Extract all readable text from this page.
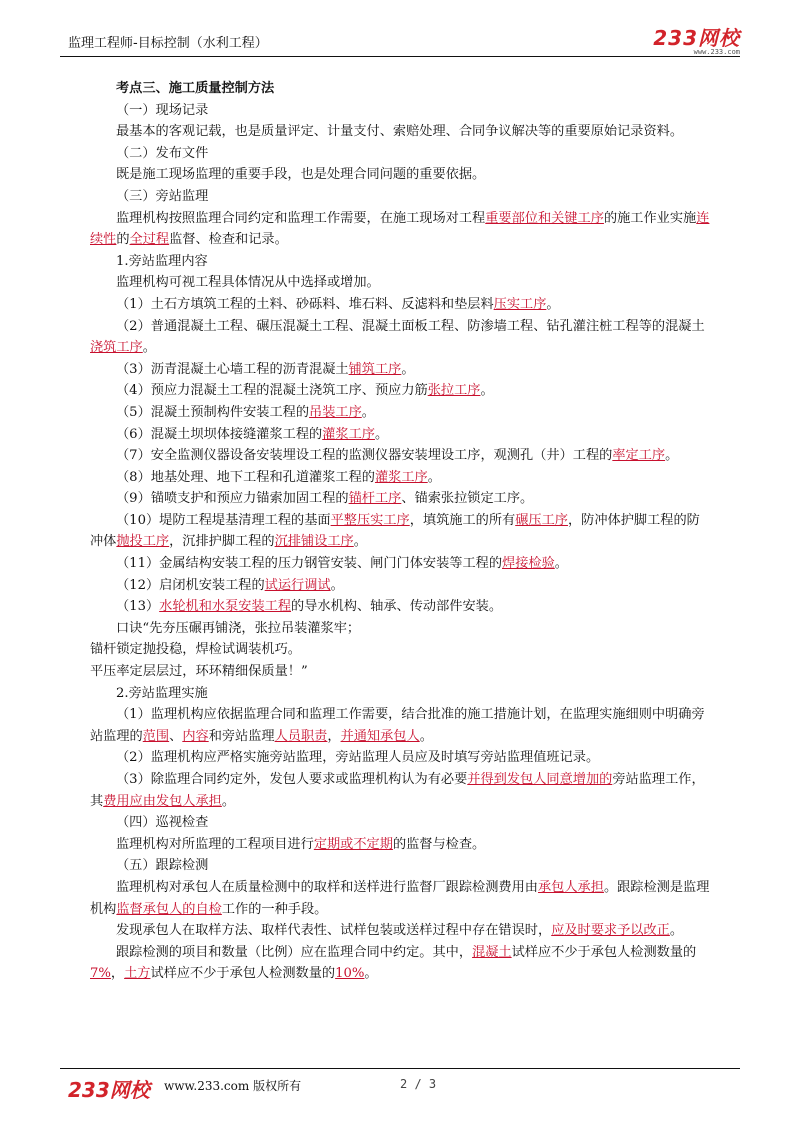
监理工程师-目标控制（水利工程）	233网校
www.233.com

考点三、施工质量控制方法

（一）现场记录

最基本的客观记载，也是质量评定、计量支付、索赔处理、合同争议解决等的重要原始记录资料。

（二）发布文件

既是施工现场监理的重要手段，也是处理合同问题的重要依据。

（三）旁站监理

监理机构按照监理合同约定和监理工作需要，在施工现场对工程重要部位和关键工序的施工作业实施连续性的全过程监督、检查和记录。

1.旁站监理内容

监理机构可视工程具体情况从中选择或增加。

（1）土石方填筑工程的土料、砂砾料、堆石料、反滤料和垫层料压实工序。

（2）普通混凝土工程、碾压混凝土工程、混凝土面板工程、防渗墙工程、钻孔灌注桩工程等的混凝土浇筑工序。

（3）沥青混凝土心墙工程的沥青混凝土铺筑工序。

（4）预应力混凝土工程的混凝土浇筑工序、预应力筋张拉工序。

（5）混凝土预制构件安装工程的吊装工序。

（6）混凝土坝坝体接缝灌浆工程的灌浆工序。

（7）安全监测仪器设备安装埋设工程的监测仪器安装埋设工序，观测孔（井）工程的率定工序。

（8）地基处理、地下工程和孔道灌浆工程的灌浆工序。

（9）锚喷支护和预应力锚索加固工程的锚杆工序、锚索张拉锁定工序。

（10）堤防工程堤基清理工程的基面平整压实工序，填筑施工的所有碾压工序，防冲体护脚工程的防冲体抛投工序，沉排护脚工程的沉排铺设工序。

（11）金属结构安装工程的压力钢管安装、闸门门体安装等工程的焊接检验。

（12）启闭机安装工程的试运行调试。

（13）水轮机和水泵安装工程的导水机构、轴承、传动部件安装。

口诀“先夯压碾再铺浇，张拉吊装灌浆牢；

锚杆锁定抛投稳，焊检试调装机巧。

平压率定层层过，环环精细保质量！”

2.旁站监理实施

（1）监理机构应依据监理合同和监理工作需要，结合批准的施工措施计划，在监理实施细则中明确旁站监理的范围、内容和旁站监理人员职责，并通知承包人。

（2）监理机构应严格实施旁站监理，旁站监理人员应及时填写旁站监理值班记录。

（3）除监理合同约定外，发包人要求或监理机构认为有必要并得到发包人同意增加的旁站监理工作，其费用应由发包人承担。

（四）巡视检查

监理机构对所监理的工程项目进行定期或不定期的监督与检查。

（五）跟踪检测

监理机构对承包人在质量检测中的取样和送样进行监督厂跟踪检测费用由承包人承担。跟踪检测是监理机构监督承包人的自检工作的一种手段。

发现承包人在取样方法、取样代表性、试样包装或送样过程中存在错误时，应及时要求予以改正。

跟踪检测的项目和数量（比例）应在监理合同中约定。其中，混凝土试样应不少于承包人检测数量的7%，土方试样应不少于承包人检测数量的10%。

233网校 www.233.com 版权所有	2 / 3
